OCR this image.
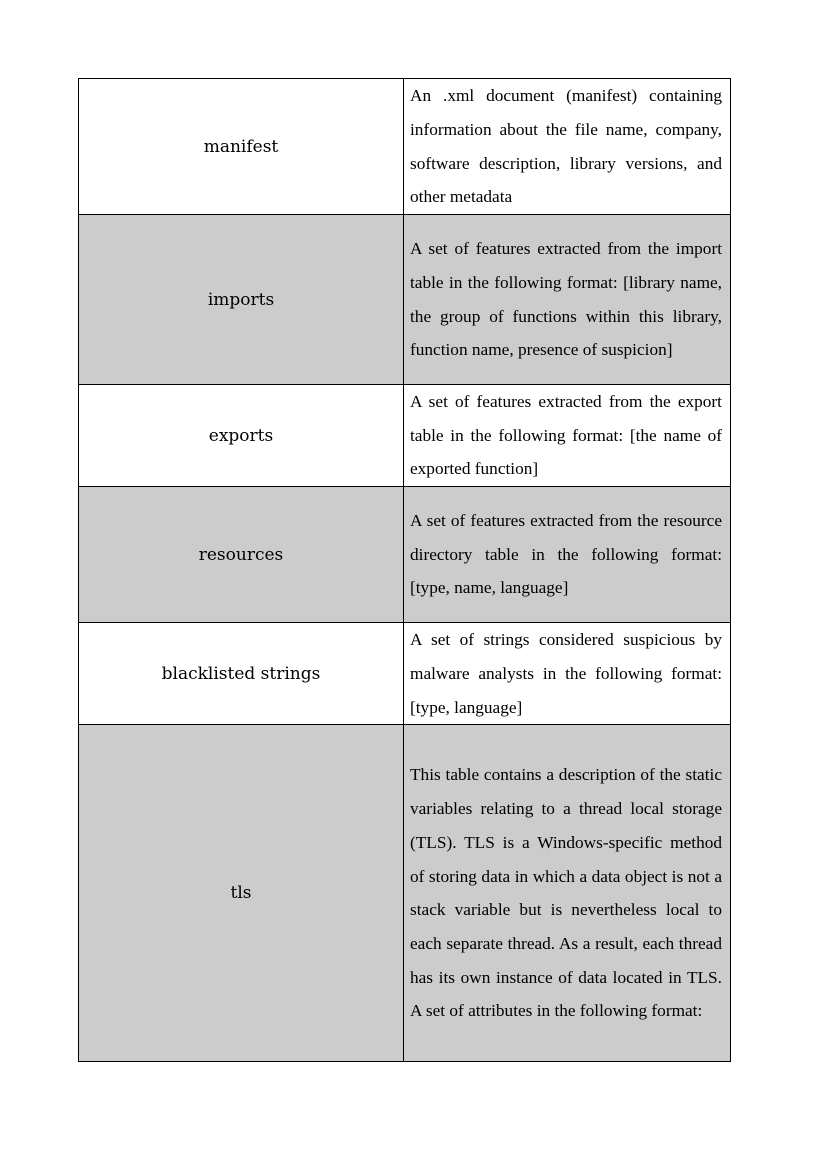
manifest	An .xml document (manifest) containing information about the file name, company, software description, library versions, and other metadata
imports	A set of features extracted from the import table in the following format: [library name, the group of functions within this library, function name, presence of suspicion]
exports	A set of features extracted from the export table in the following format: [the name of exported function]
resources	A set of features extracted from the resource directory table in the following format: [type, name, language]
blacklisted strings	A set of strings considered suspicious by malware analysts in the following format: [type, language]
tls	This table contains a description of the static variables relating to a thread local storage (TLS). TLS is a Windows-specific method of storing data in which a data object is not a stack variable but is nevertheless local to each separate thread. As a result, each thread has its own instance of data located in TLS. A set of attributes in the following format:
